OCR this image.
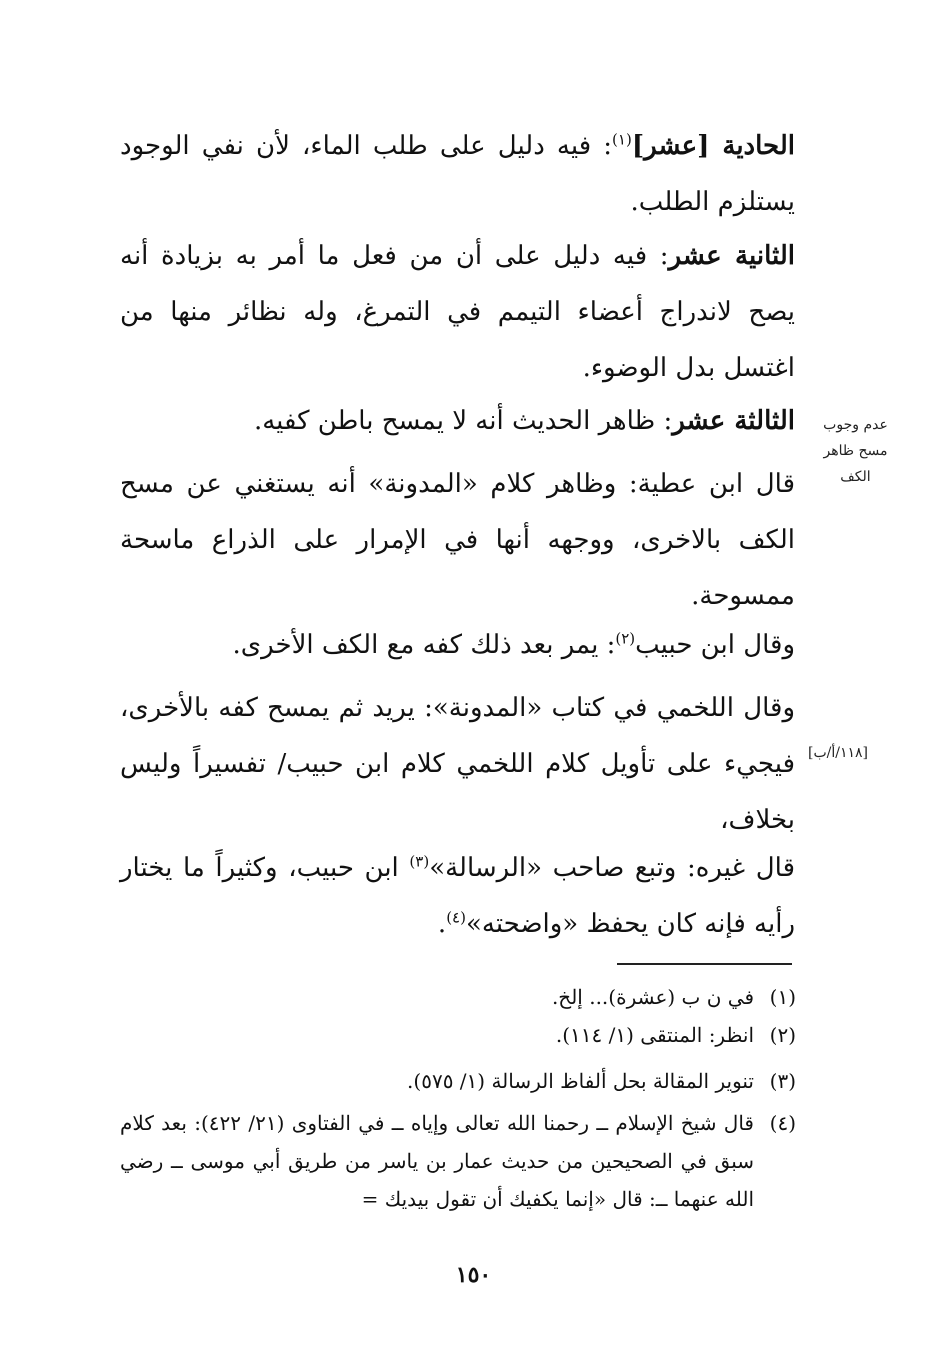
الحادية [عشر]$^{(١)}$: فيه دليل على طلب الماء، لأن نفي الوجود يستلزم الطلب.

الثانية عشر: فيه دليل على أن من فعل ما أمر به بزيادة أنه يصح لاندراج أعضاء التيمم في التمرغ، وله نظائر منها من اغتسل بدل الوضوء.

الثالثة عشر: ظاهر الحديث أنه لا يمسح باطن كفيه.

قال ابن عطية: وظاهر كلام «المدونة» أنه يستغني عن مسح الكف بالاخرى، ووجهه أنها في الإمرار على الذراع ماسحة ممسوحة.

وقال ابن حبيب$^{(٢)}$: يمر بعد ذلك كفه مع الكف الأخرى.

وقال اللخمي في كتاب «المدونة»: يريد ثم يمسح كفه بالأخرى، فيجيء على تأويل كلام اللخمي كلام ابن حبيب/ تفسيراً وليس بخلاف،

قال غيره: وتبع صاحب «الرسالة»$^{(٣)}$ ابن حبيب، وكثيراً ما يختار رأيه فإنه كان يحفظ «واضحته»$^{(٤)}$.

عدم وجوب
مسح ظاهر
الكف
[١١٨/أ/ب]
(١)
في ن ب (عشرة)... إلخ.
(٢)
انظر: المنتقى (١/ ١١٤).
(٣)
تنوير المقالة بحل ألفاظ الرسالة (١/ ٥٧٥).
(٤)
قال شيخ الإسلام ــ رحمنا الله تعالى وإياه ــ في الفتاوى (٢١/ ٤٢٢): بعد كلام سبق في الصحيحين من حديث عمار بن ياسر من طريق أبي موسى ــ رضي الله عنهما ــ: قال «إنما يكفيك أن تقول بيديك =
١٥٠
